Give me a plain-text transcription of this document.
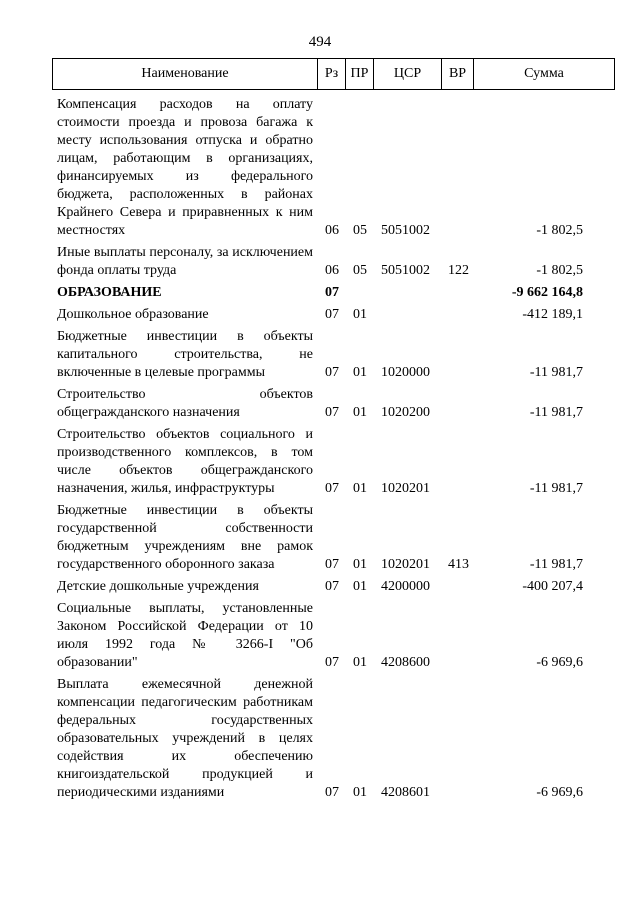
494
Наименование	Рз ПР	ЦСР	ВР	Сумма
Компенсация расходов на оплату стоимости проезда и провоза багажа к месту использования отпуска и обратно лицам, работающим в организациях, финансируемых из федерального бюджета, расположенных в районах Крайнего Севера и приравненных к ним местностях	06 05 5051002	-1 802,5
Иные выплаты персоналу, за исключением фонда оплаты труда	06 05 5051002 122	-1 802,5
ОБРАЗОВАНИЕ	07	-9 662 164,8
Дошкольное образование	07 01	-412 189,1
Бюджетные инвестиции в объекты капитального строительства, не включенные в целевые программы	07 01 1020000	-11 981,7
Строительство объектов общегражданского назначения	07 01 1020200	-11 981,7
Строительство объектов социального и производственного комплексов, в том числе объектов общегражданского назначения, жилья, инфраструктуры	07 01 1020201	-11 981,7
Бюджетные инвестиции в объекты государственной собственности бюджетным учреждениям вне рамок государственного оборонного заказа	07 01 1020201 413	-11 981,7
Детские дошкольные учреждения	07 01 4200000	-400 207,4
Социальные выплаты, установленные Законом Российской Федерации от 10 июля 1992 года № 3266-I "Об образовании"	07 01 4208600	-6 969,6
Выплата ежемесячной денежной компенсации педагогическим работникам федеральных государственных образовательных учреждений в целях содействия их обеспечению книгоиздательской продукцией и периодическими изданиями	07 01 4208601	-6 969,6
